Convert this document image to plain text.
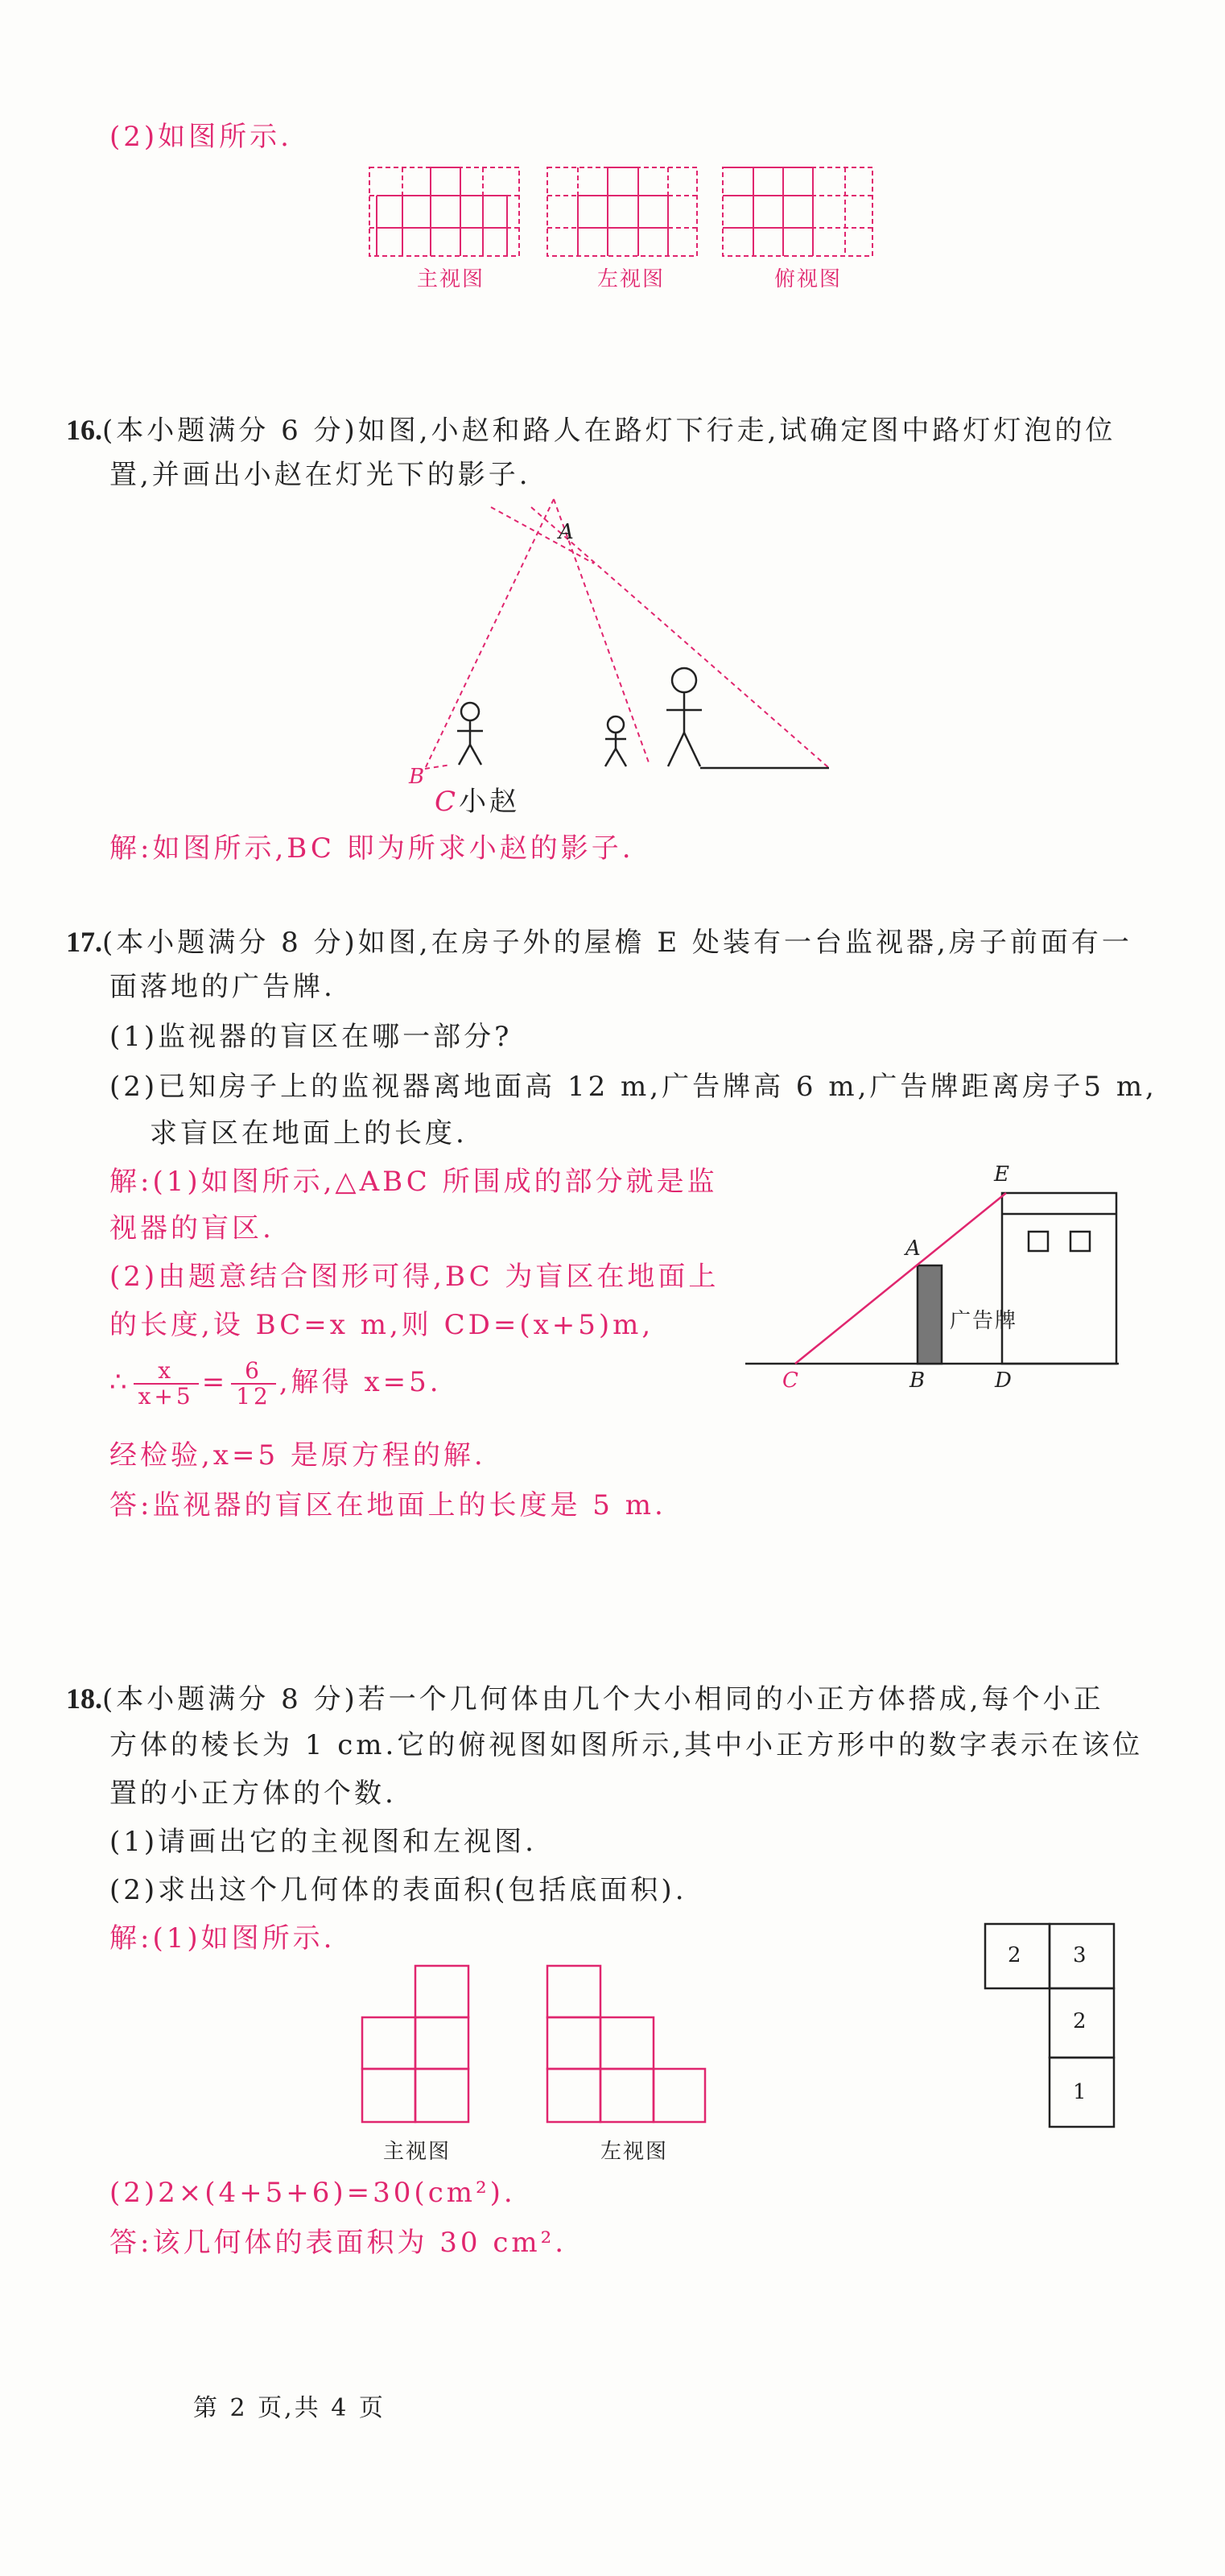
(2)如图所示.
主视图	左视图	俯视图
16.(本小题满分 6 分)如图,小赵和路人在路灯下行走,试确定图中路灯灯泡的位
置,并画出小赵在灯光下的影子.
A
B
C小赵
解:如图所示,BC 即为所求小赵的影子.
17.(本小题满分 8 分)如图,在房子外的屋檐 E 处装有一台监视器,房子前面有一
面落地的广告牌.
(1)监视器的盲区在哪一部分?
(2)已知房子上的监视器离地面高 12 m,广告牌高 6 m,广告牌距离房子5 m,
求盲区在地面上的长度.
解:(1)如图所示,△ABC 所围成的部分就是监
视器的盲区.
(2)由题意结合图形可得,BC 为盲区在地面上
的长度,设 BC=x m,则 CD=(x+5)m,
∴ $\frac{x}{x+5} = \frac{6}{12}$ ,解得 x=5.
经检验,x=5 是原方程的解.
答:监视器的盲区在地面上的长度是 5 m.
E
A
B
C	D
广告牌
18.(本小题满分 8 分)若一个几何体由几个大小相同的小正方体搭成,每个小正
方体的棱长为 1 cm.它的俯视图如图所示,其中小正方形中的数字表示在该位
置的小正方体的个数.
(1)请画出它的主视图和左视图.
(2)求出这个几何体的表面积(包括底面积).
解:(1)如图所示.
2 3
2
1
主视图	左视图
(2)2×(4+5+6)=30(cm²).
答:该几何体的表面积为 30 cm².
第 2 页,共 4 页
